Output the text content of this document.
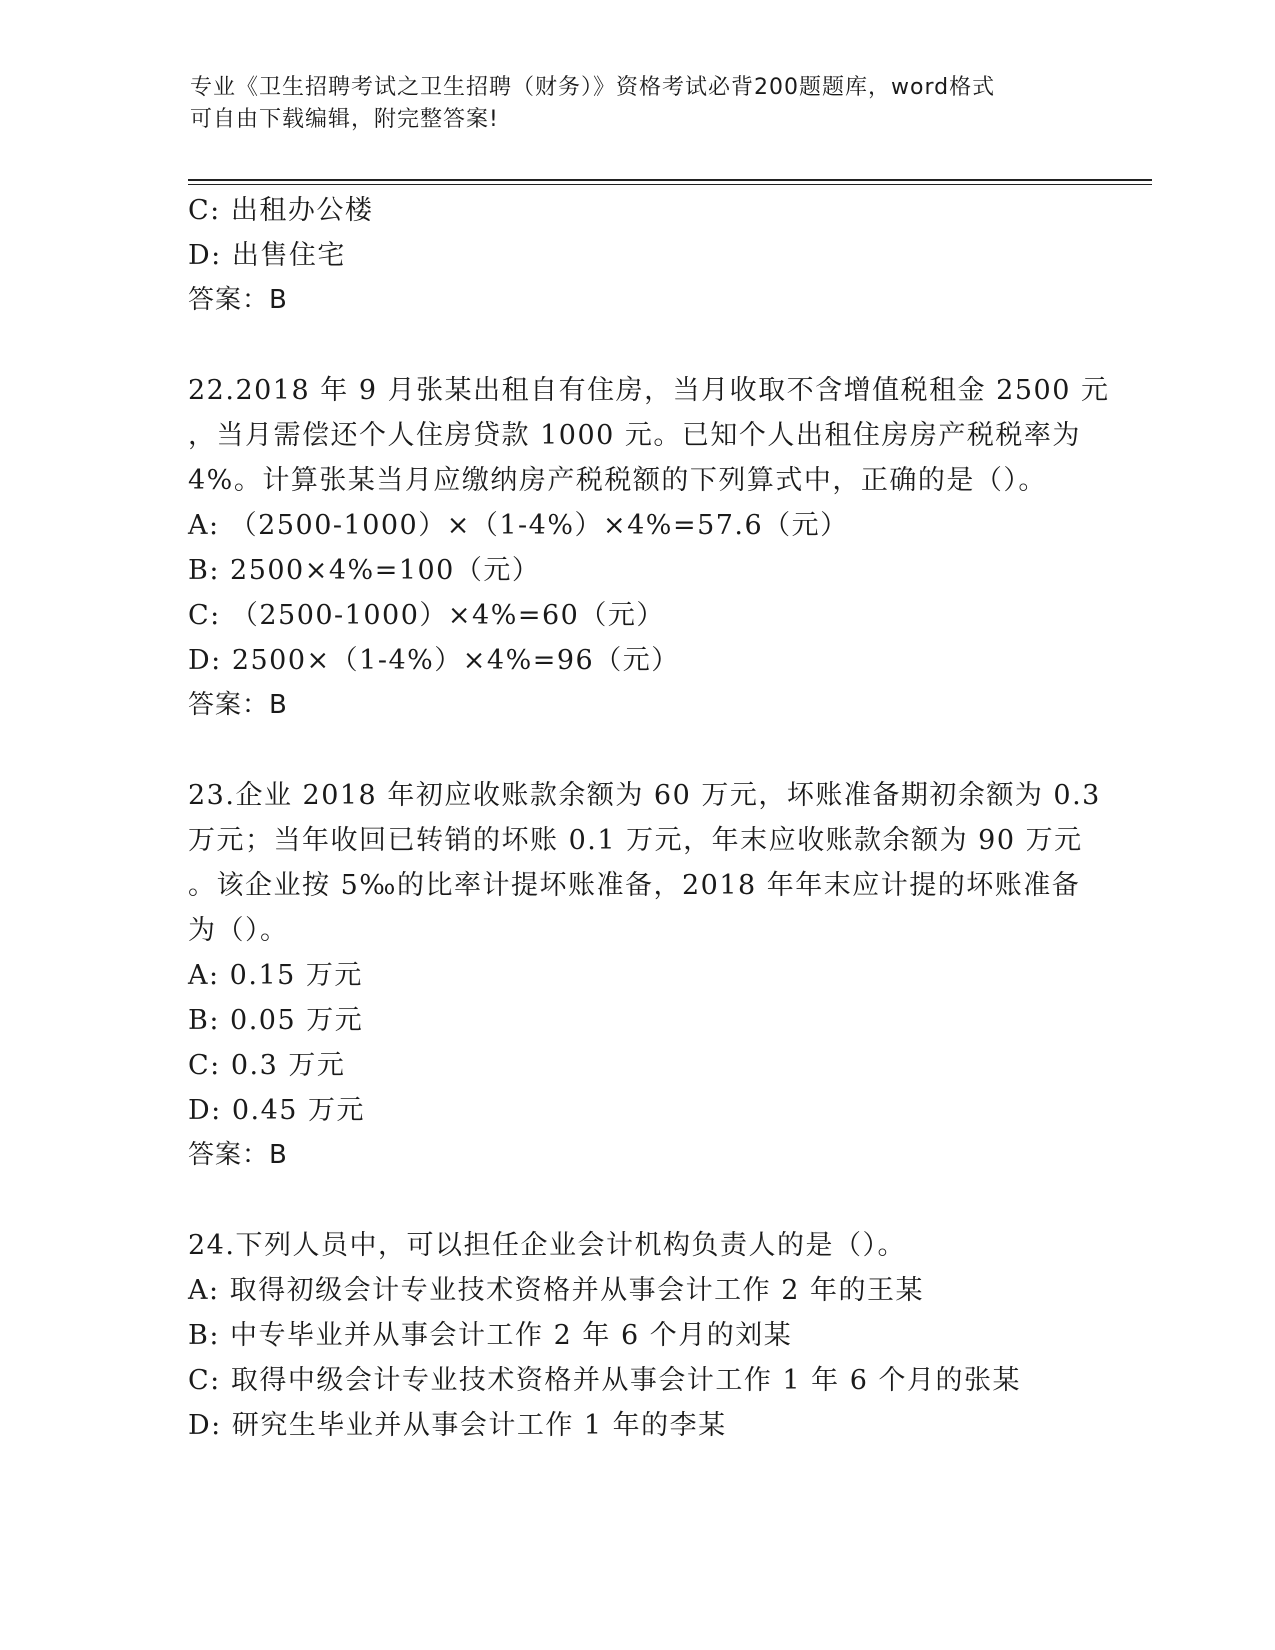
专业《卫生招聘考试之卫生招聘（财务）》资格考试必背200题题库，word格式
可自由下载编辑，附完整答案!
C: 出租办公楼
D: 出售住宅
答案：B
22.2018 年 9 月张某出租自有住房，当月收取不含增值税租金 2500 元
，当月需偿还个人住房贷款 1000 元。已知个人出租住房房产税税率为
4%。计算张某当月应缴纳房产税税额的下列算式中，正确的是（）。
A: （2500-1000）×（1-4%）×4%=57.6（元）
B: 2500×4%=100（元）
C: （2500-1000）×4%=60（元）
D: 2500×（1-4%）×4%=96（元）
答案：B
23.企业 2018 年初应收账款余额为 60 万元，坏账准备期初余额为 0.3
万元；当年收回已转销的坏账 0.1 万元，年末应收账款余额为 90 万元
。该企业按 5‰的比率计提坏账准备，2018 年年末应计提的坏账准备
为（）。
A: 0.15 万元
B: 0.05 万元
C: 0.3 万元
D: 0.45 万元
答案：B
24.下列人员中，可以担任企业会计机构负责人的是（）。
A: 取得初级会计专业技术资格并从事会计工作 2 年的王某
B: 中专毕业并从事会计工作 2 年 6 个月的刘某
C: 取得中级会计专业技术资格并从事会计工作 1 年 6 个月的张某
D: 研究生毕业并从事会计工作 1 年的李某
